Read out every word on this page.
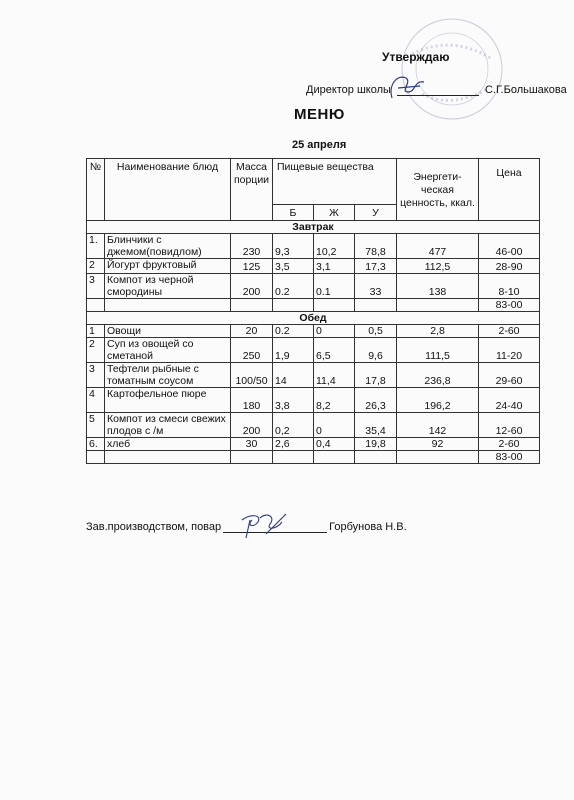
Утверждаю
Директор школы	С.Г.Большакова
МЕНЮ
25 апреля
№	Наименование блюд	Масса порции	Пищевые вещества			Энергети-ческая ценность, ккал.	Цена
			Б	Ж	У		
Завтрак							
1.	Блинчики с джемом(повидлом)	230	9,3	10,2	78,8	477	46-00
2	Йогурт фруктовый	125	3,5	3,1	17,3	112,5	28-90
3	Компот из черной смородины	200	0.2	0.1	33	138	8-10
							83-00
Обед							
1	Овощи	20	0.2	0	0,5	2,8	2-60
2	Суп из овощей со сметаной	250	1,9	6,5	9,6	111,5	11-20
3	Тефтели рыбные с томатным соусом	100/50	14	11,4	17,8	236,8	29-60
4	Картофельное пюре	180	3,8	8,2	26,3	196,2	24-40
5	Компот из смеси свежих плодов с /м	200	0,2	0	35,4	142	12-60
6.	хлеб	30	2,6	0,4	19,8	92	2-60
							83-00
Зав.производством, повар	Горбунова Н.В.
